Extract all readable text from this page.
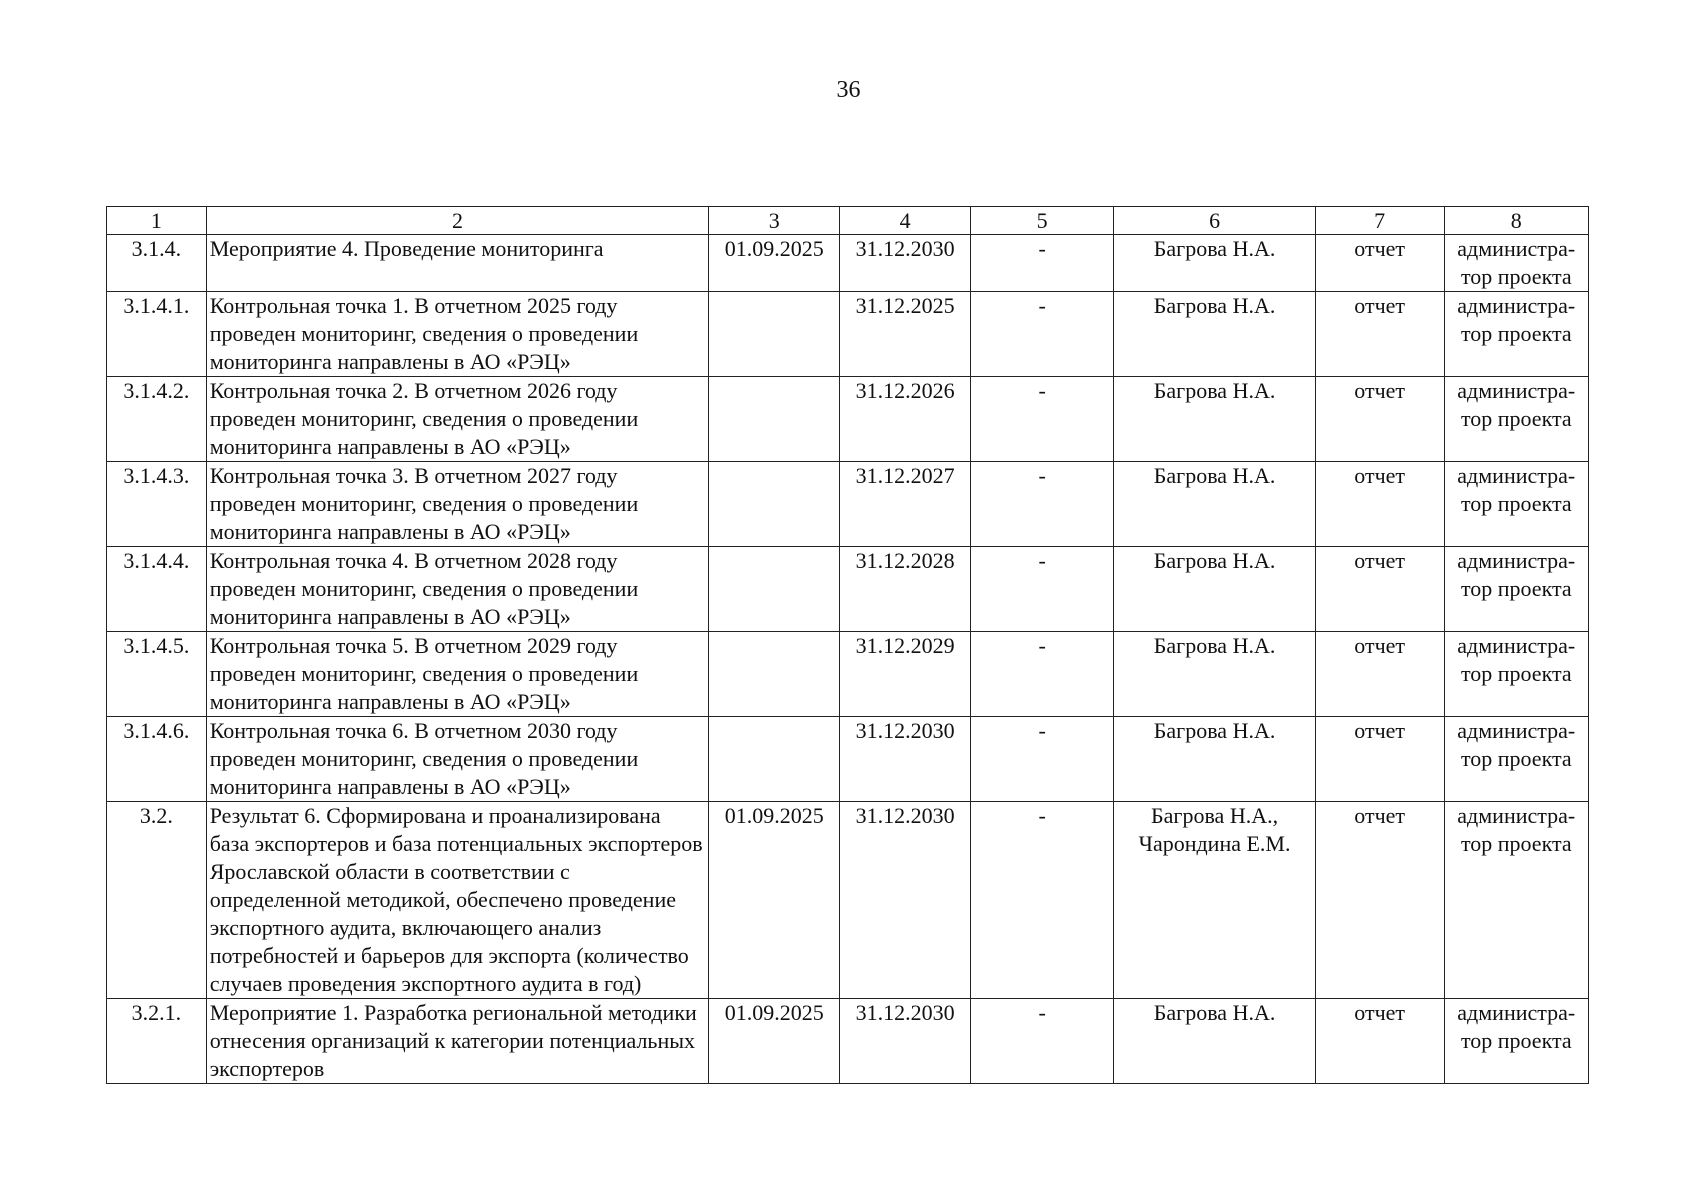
36
1	2	3	4	5	6	7	8
3.1.4.	Мероприятие 4. Проведение мониторинга	01.09.2025	31.12.2030	-	Багрова Н.А.	отчет	администра-тор проекта
3.1.4.1.	Контрольная точка 1. В отчетном 2025 году проведен мониторинг, сведения о проведении мониторинга направлены в АО «РЭЦ»		31.12.2025	-	Багрова Н.А.	отчет	администра-тор проекта
3.1.4.2.	Контрольная точка 2. В отчетном 2026 году проведен мониторинг, сведения о проведении мониторинга направлены в АО «РЭЦ»		31.12.2026	-	Багрова Н.А.	отчет	администра-тор проекта
3.1.4.3.	Контрольная точка 3. В отчетном 2027 году проведен мониторинг, сведения о проведении мониторинга направлены в АО «РЭЦ»		31.12.2027	-	Багрова Н.А.	отчет	администра-тор проекта
3.1.4.4.	Контрольная точка 4. В отчетном 2028 году проведен мониторинг, сведения о проведении мониторинга направлены в АО «РЭЦ»		31.12.2028	-	Багрова Н.А.	отчет	администра-тор проекта
3.1.4.5.	Контрольная точка 5. В отчетном 2029 году проведен мониторинг, сведения о проведении мониторинга направлены в АО «РЭЦ»		31.12.2029	-	Багрова Н.А.	отчет	администра-тор проекта
3.1.4.6.	Контрольная точка 6. В отчетном 2030 году проведен мониторинг, сведения о проведении мониторинга направлены в АО «РЭЦ»		31.12.2030	-	Багрова Н.А.	отчет	администра-тор проекта
3.2.	Результат 6. Сформирована и проанализирована база экспортеров и база потенциальных экспортеров Ярославской области в соответствии с определенной методикой, обеспечено проведение экспортного аудита, включающего анализ потребностей и барьеров для экспорта (количество случаев проведения экспортного аудита в год)	01.09.2025	31.12.2030	-	Багрова Н.А., Чарондина Е.М.	отчет	администра-тор проекта
3.2.1.	Мероприятие 1. Разработка региональной методики отнесения организаций к категории потенциальных экспортеров	01.09.2025	31.12.2030	-	Багрова Н.А.	отчет	администра-тор проекта
